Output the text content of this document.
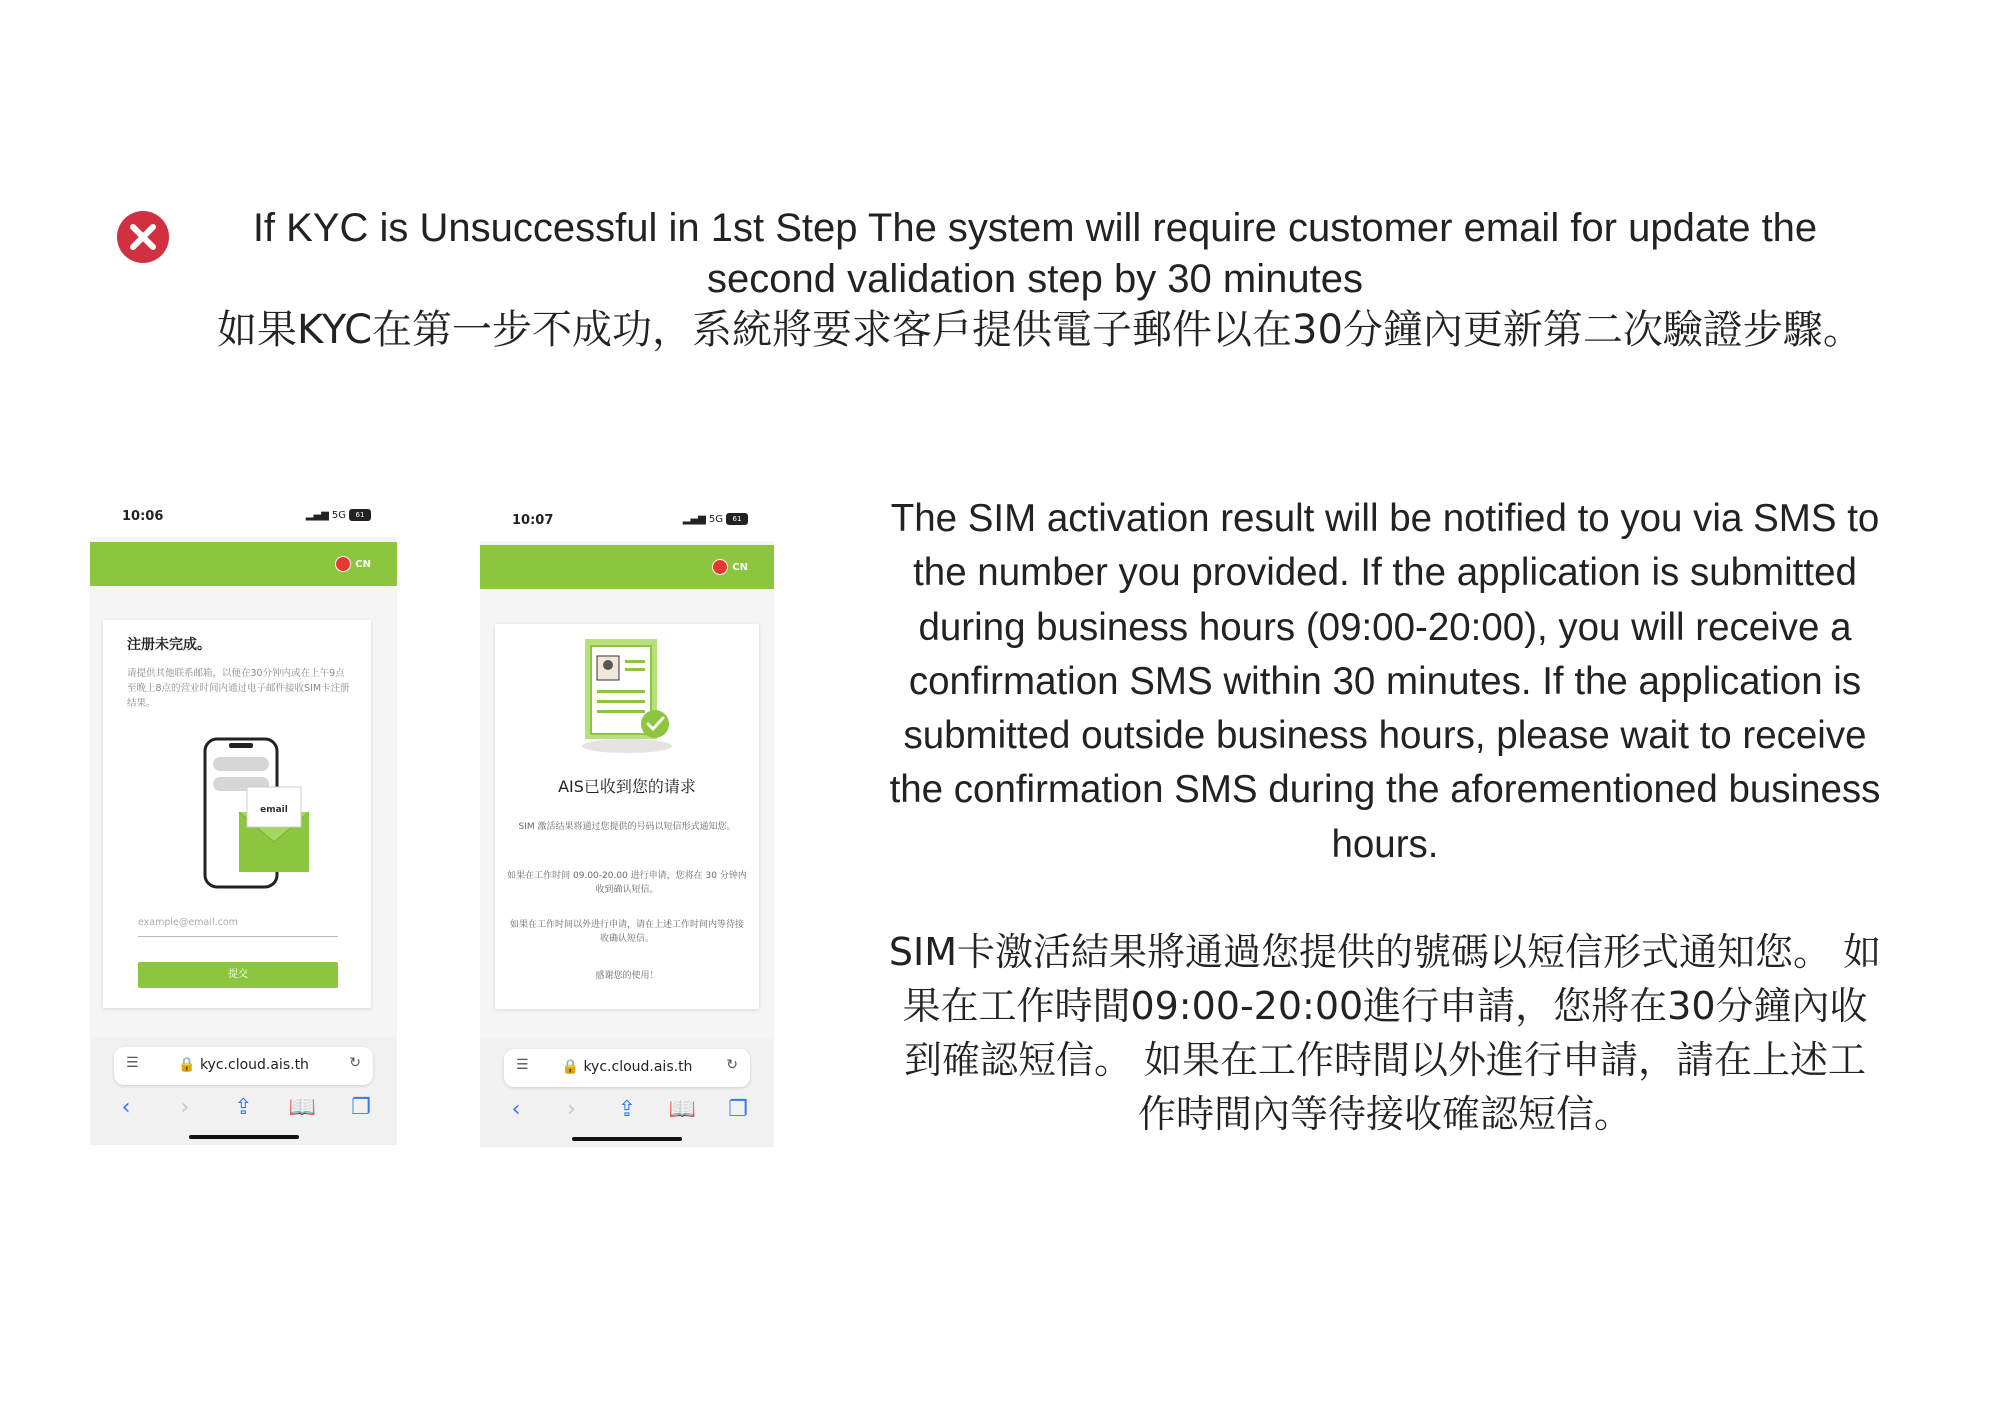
If KYC is Unsuccessful in 1st Step The system will require customer email for update the
second validation step by 30 minutes
如果KYC在第一步不成功，系統將要求客戶提供電子郵件以在30分鐘內更新第二次驗證步驟。
10:06	▂▄▆ 5G	61
CN
注册未完成。
请提供其他联系邮箱，以便在30分钟内或在上午9点至晚上8点的营业时间内通过电子邮件接收SIM卡注册结果。
email
example@email.com
提交
☰	🔒 kyc.cloud.ais.th	↻
‹	›	⇪	📖	❐
10:07	▂▄▆ 5G	61
CN
AIS已收到您的请求
SIM 激活结果将通过您提供的号码以短信形式通知您。
如果在工作时间 09.00-20.00 进行申请，您将在 30 分钟内收到确认短信。
如果在工作时间以外进行申请，请在上述工作时间内等待接收确认短信。
感谢您的使用！
☰	🔒 kyc.cloud.ais.th	↻
‹	›	⇪	📖	❐
The SIM activation result will be notified to you via SMS to the number you provided. If the application is submitted during business hours (09:00-20:00), you will receive a confirmation SMS within 30 minutes. If the application is submitted outside business hours, please wait to receive the confirmation SMS during the aforementioned business hours.
SIM卡激活結果將通過您提供的號碼以短信形式通知您。 如果在工作時間09:00-20:00進行申請，您將在30分鐘內收到確認短信。 如果在工作時間以外進行申請，請在上述工作時間內等待接收確認短信。
